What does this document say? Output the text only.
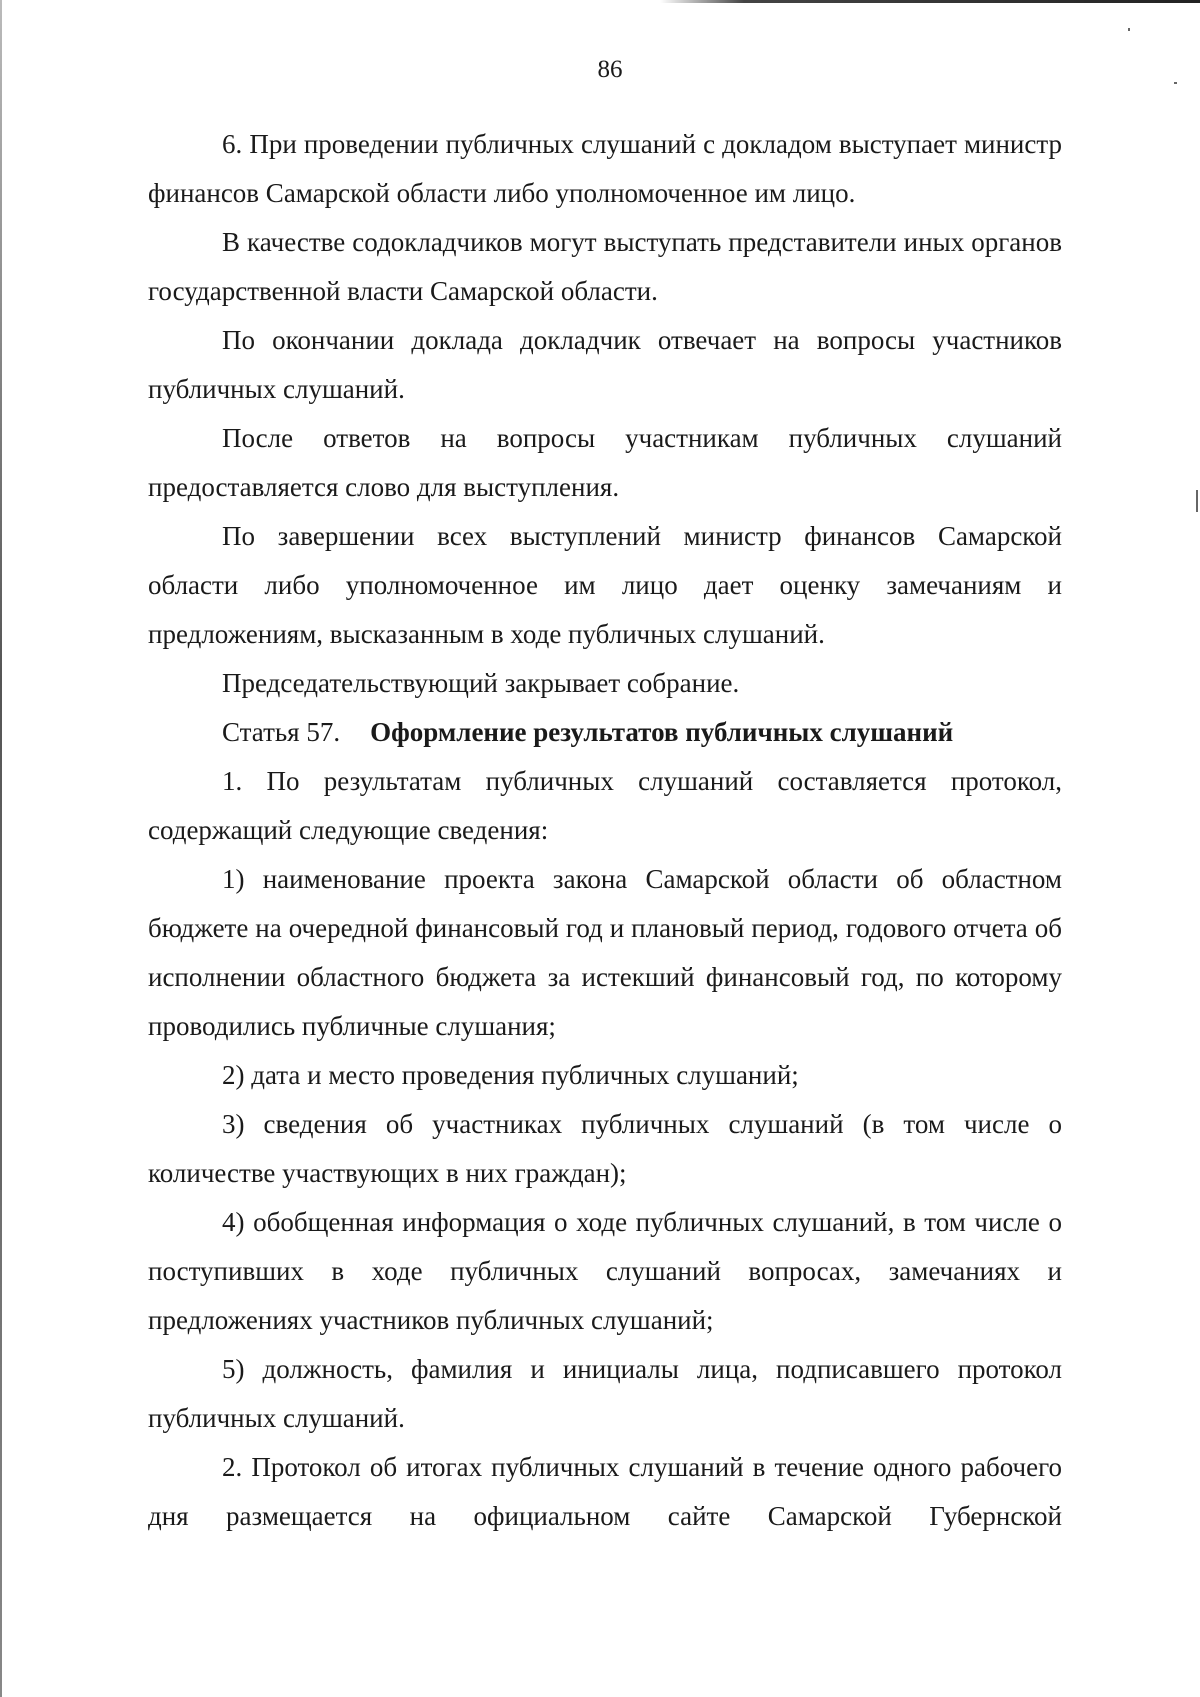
86

6. При проведении публичных слушаний с докладом выступает министр финансов Самарской области либо уполномоченное им лицо.

В качестве содокладчиков могут выступать представители иных органов государственной власти Самарской области.

По окончании доклада докладчик отвечает на вопросы участников публичных слушаний.

После ответов на вопросы участникам публичных слушаний предоставляется слово для выступления.

По завершении всех выступлений министр финансов Самарской области либо уполномоченное им лицо дает оценку замечаниям и предложениям, высказанным в ходе публичных слушаний.

Председательствующий закрывает собрание.

Статья 57. Оформление результатов публичных слушаний

1. По результатам публичных слушаний составляется протокол, содержащий следующие сведения:

1) наименование проекта закона Самарской области об областном бюджете на очередной финансовый год и плановый период, годового отчета об исполнении областного бюджета за истекший финансовый год, по которому проводились публичные слушания;

2) дата и место проведения публичных слушаний;

3) сведения об участниках публичных слушаний (в том числе о количестве участвующих в них граждан);

4) обобщенная информация о ходе публичных слушаний, в том числе о поступивших в ходе публичных слушаний вопросах, замечаниях и предложениях участников публичных слушаний;

5) должность, фамилия и инициалы лица, подписавшего протокол публичных слушаний.

2. Протокол об итогах публичных слушаний в течение одного рабочего дня размещается на официальном сайте Самарской Губернской
